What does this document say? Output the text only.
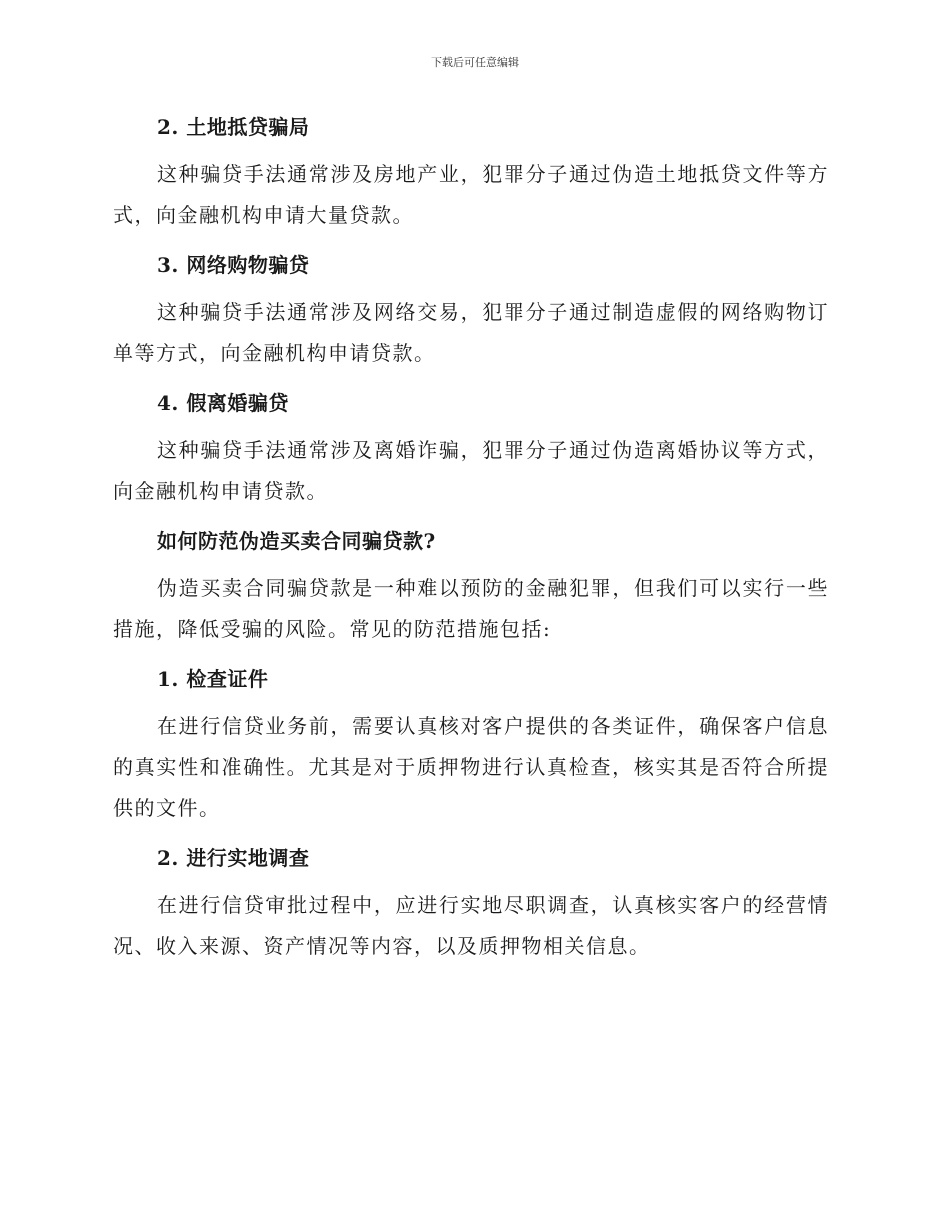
下载后可任意编辑
2. 土地抵贷骗局

这种骗贷手法通常涉及房地产业，犯罪分子通过伪造土地抵贷文件等方式，向金融机构申请大量贷款。

3. 网络购物骗贷

这种骗贷手法通常涉及网络交易，犯罪分子通过制造虚假的网络购物订单等方式，向金融机构申请贷款。

4. 假离婚骗贷

这种骗贷手法通常涉及离婚诈骗，犯罪分子通过伪造离婚协议等方式，向金融机构申请贷款。

如何防范伪造买卖合同骗贷款?

伪造买卖合同骗贷款是一种难以预防的金融犯罪，但我们可以实行一些措施，降低受骗的风险。常见的防范措施包括:

1. 检查证件

在进行信贷业务前，需要认真核对客户提供的各类证件，确保客户信息的真实性和准确性。尤其是对于质押物进行认真检查，核实其是否符合所提供的文件。

2. 进行实地调查

在进行信贷审批过程中，应进行实地尽职调查，认真核实客户的经营情况、收入来源、资产情况等内容，以及质押物相关信息。
